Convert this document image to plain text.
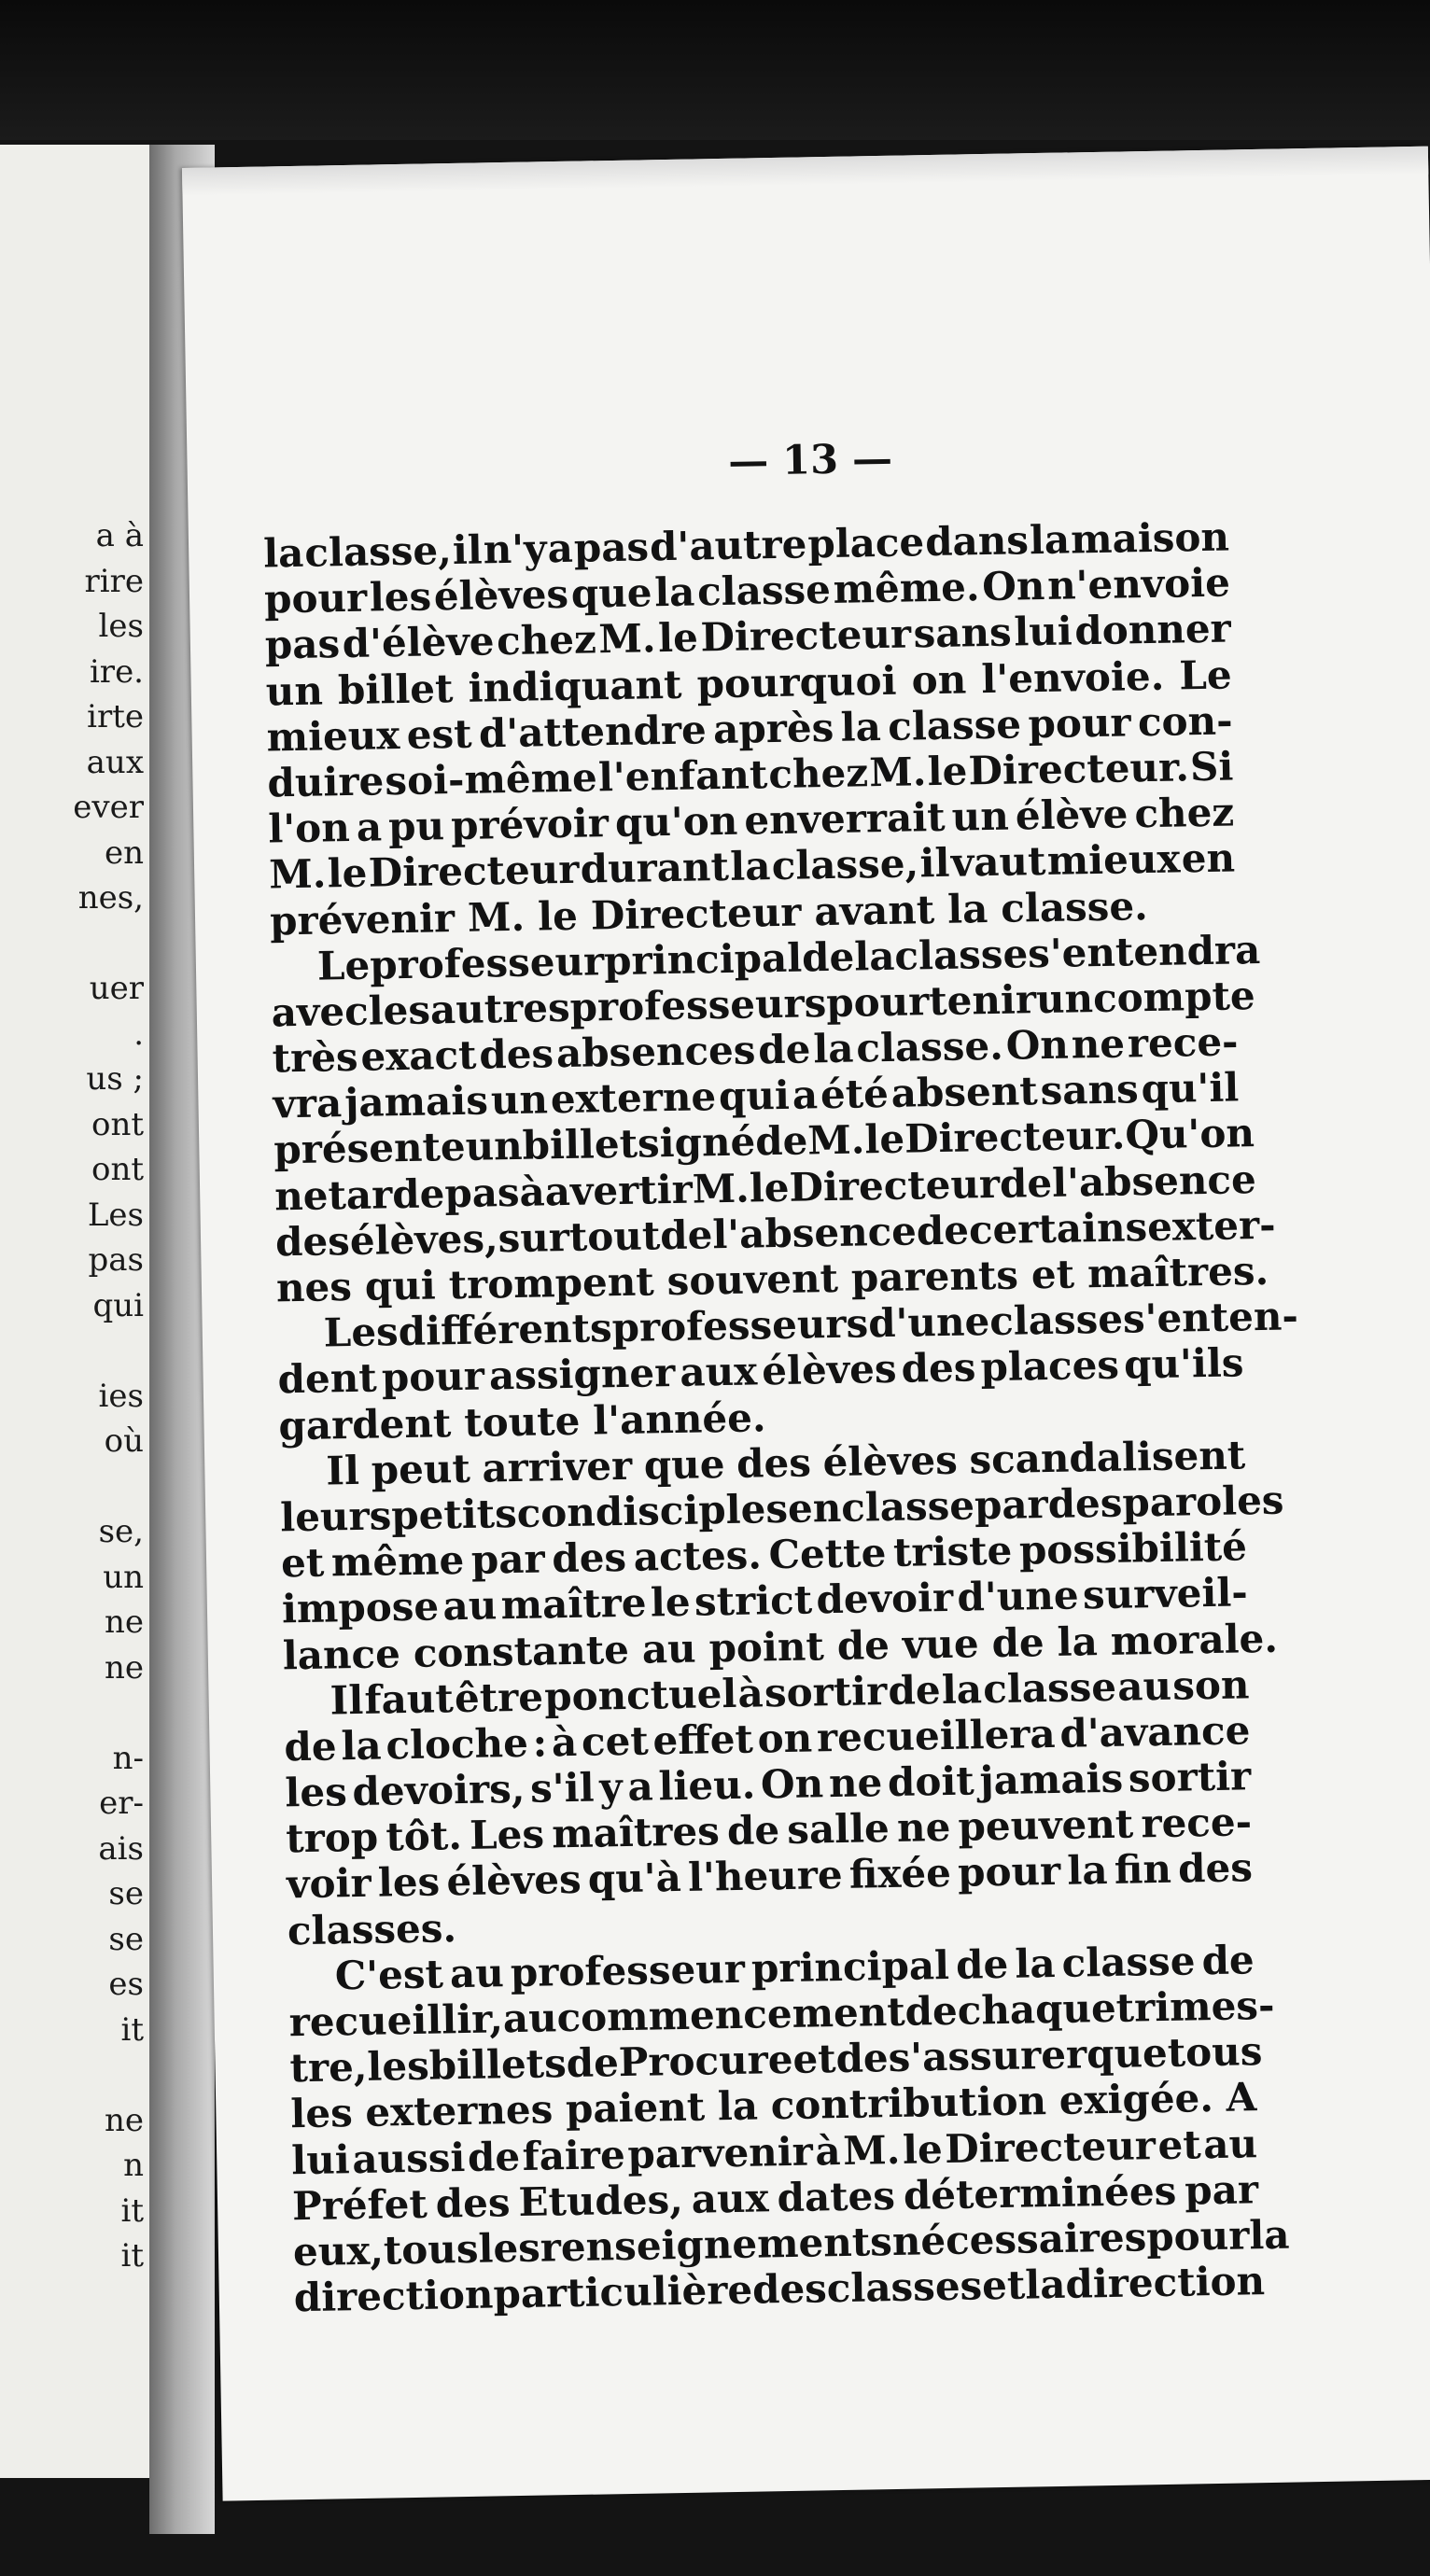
a à
rire
les
ire.
irte
aux
ever
en
nes,
uer
.
us ;
ont
ont
Les
pas
qui
ies
où
se,
un
ne
ne
n-
er-
ais
se
se
es
it
ne
n
it
it
— 13 —
la classe, il n'y a pas d'autre place dans la maison
pour les élèves que la classe même. On n'envoie
pas d'élève chez M. le Directeur sans lui donner
un billet indiquant pourquoi on l'envoie. Le
mieux est d'attendre après la classe pour con-
duire soi-même l'enfant chez M. le Directeur. Si
l'on a pu prévoir qu'on enverrait un élève chez
M. le Directeur durant la classe, il vaut mieux en
prévenir M. le Directeur avant la classe.
Le professeur principal de la classe s'entendra
avec les autres professeurs pour tenir un compte
très exact des absences de la classe. On ne rece-
vra jamais un externe qui a été absent sans qu'il
présente un billet signé de M. le Directeur. Qu'on
ne tarde pas à avertir M. le Directeur de l'absence
des élèves, surtout de l'absence de certains exter-
nes qui trompent souvent parents et maîtres.
Les différents professeurs d'une classe s'enten-
dent pour assigner aux élèves des places qu'ils
gardent toute l'année.
Il peut arriver que des élèves scandalisent
leurs petits condisciples en classe par des paroles
et même par des actes. Cette triste possibilité
impose au maître le strict devoir d'une surveil-
lance constante au point de vue de la morale.
Il faut être ponctuel à sortir de la classe au son
de la cloche : à cet effet on recueillera d'avance
les devoirs, s'il y a lieu. On ne doit jamais sortir
trop tôt. Les maîtres de salle ne peuvent rece-
voir les élèves qu'à l'heure fixée pour la fin des
classes.
C'est au professeur principal de la classe de
recueillir, au commencement de chaque trimes-
tre, les billets de Procure et de s'assurer que tous
les externes paient la contribution exigée. A
lui aussi de faire parvenir à M. le Directeur et au
Préfet des Etudes, aux dates déterminées par
eux, tous les renseignements nécessaires pour la
direction particulière des classes et la direction
